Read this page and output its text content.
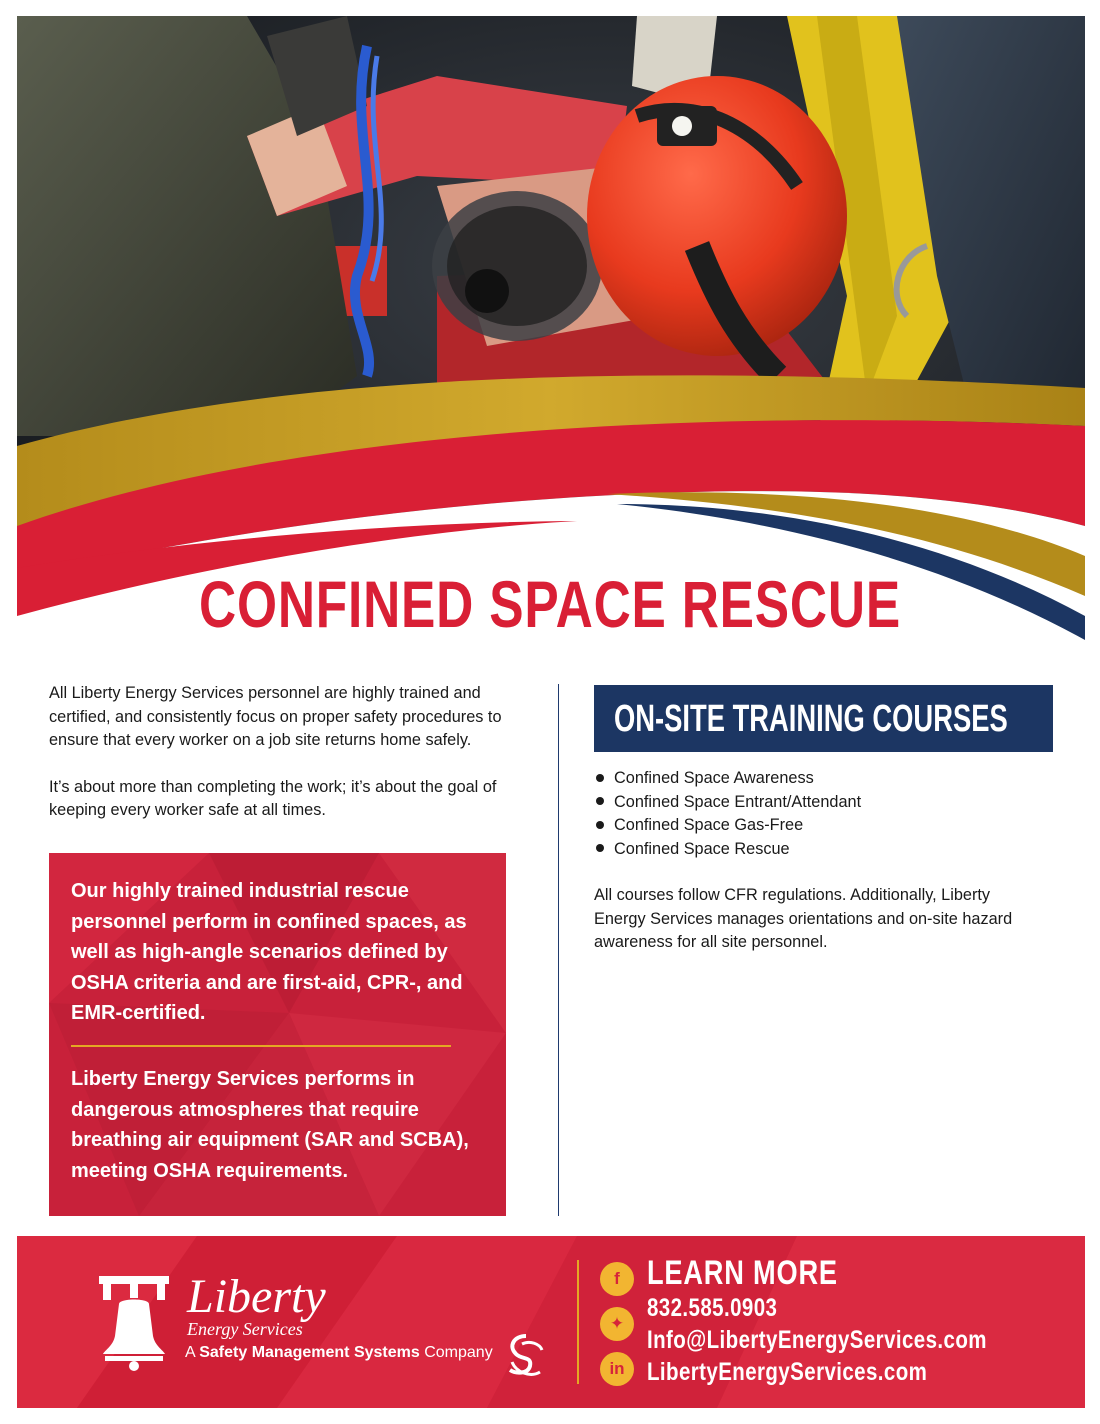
CONFINED SPACE RESCUE

All Liberty Energy Services personnel are highly trained and certified, and consistently focus on proper safety procedures to ensure that every worker on a job site returns home safely.

It’s about more than completing the work; it’s about the goal of keeping every worker safe at all times.

Our highly trained industrial rescue personnel perform in confined spaces, as well as high-angle scenarios defined by OSHA criteria and are first-aid, CPR-, and EMR-certified.

Liberty Energy Services performs in dangerous atmospheres that require breathing air equipment (SAR and SCBA), meeting OSHA requirements.

ON-SITE TRAINING COURSES
Confined Space Awareness
Confined Space Entrant/Attendant
Confined Space Gas-Free
Confined Space Rescue

All courses follow CFR regulations. Additionally, Liberty Energy Services manages orientations and on-site hazard awareness for all site personnel.

Liberty
Energy Services
A Safety Management Systems Company
f
✦
in
LEARN MORE
832.585.0903
Info@LibertyEnergyServices.com
LibertyEnergyServices.com
